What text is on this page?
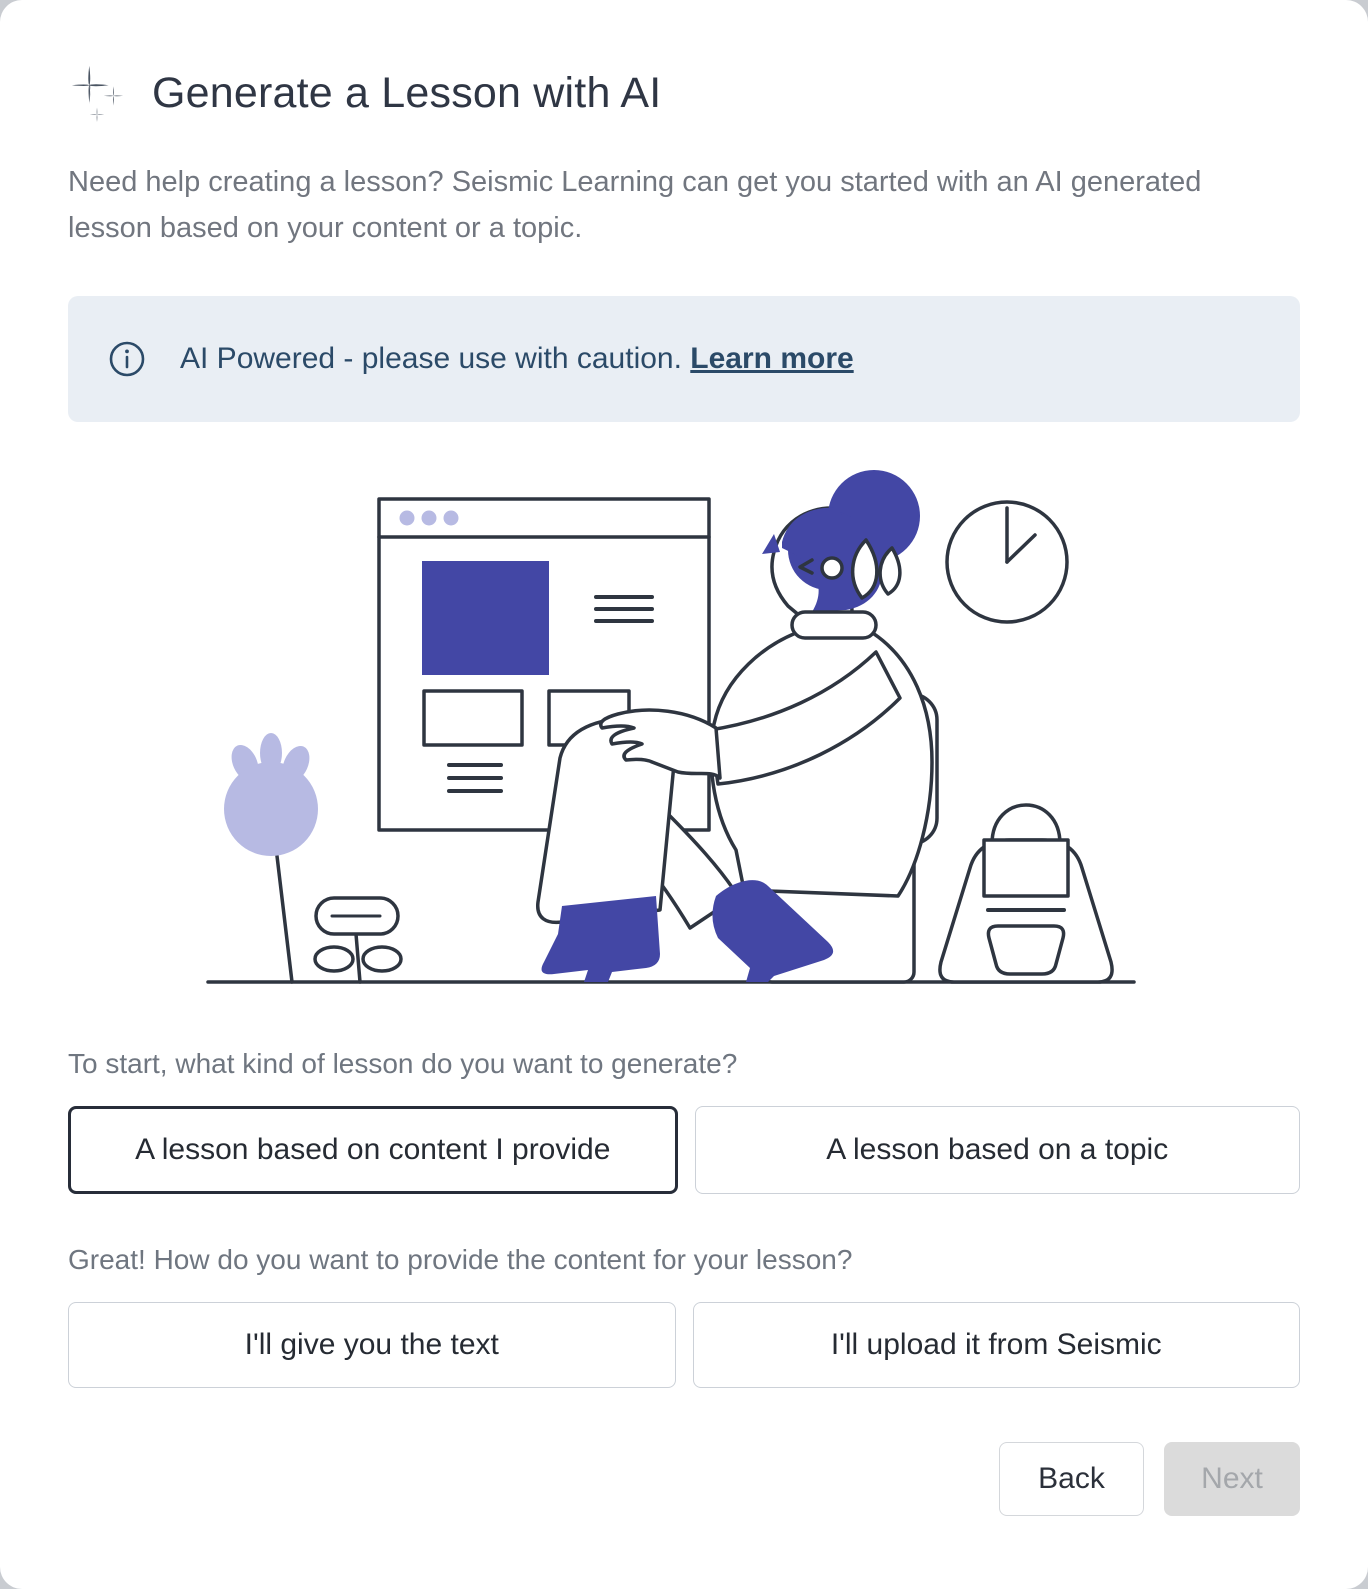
Generate a Lesson with AI

Need help creating a lesson? Seismic Learning can get you started with an AI generated lesson based on your content or a topic.

AI Powered - please use with caution. Learn more

To start, what kind of lesson do you want to generate?

A lesson based on content I provide	A lesson based on a topic

Great! How do you want to provide the content for your lesson?

I'll give you the text	I'll upload it from Seismic
Back	Next
